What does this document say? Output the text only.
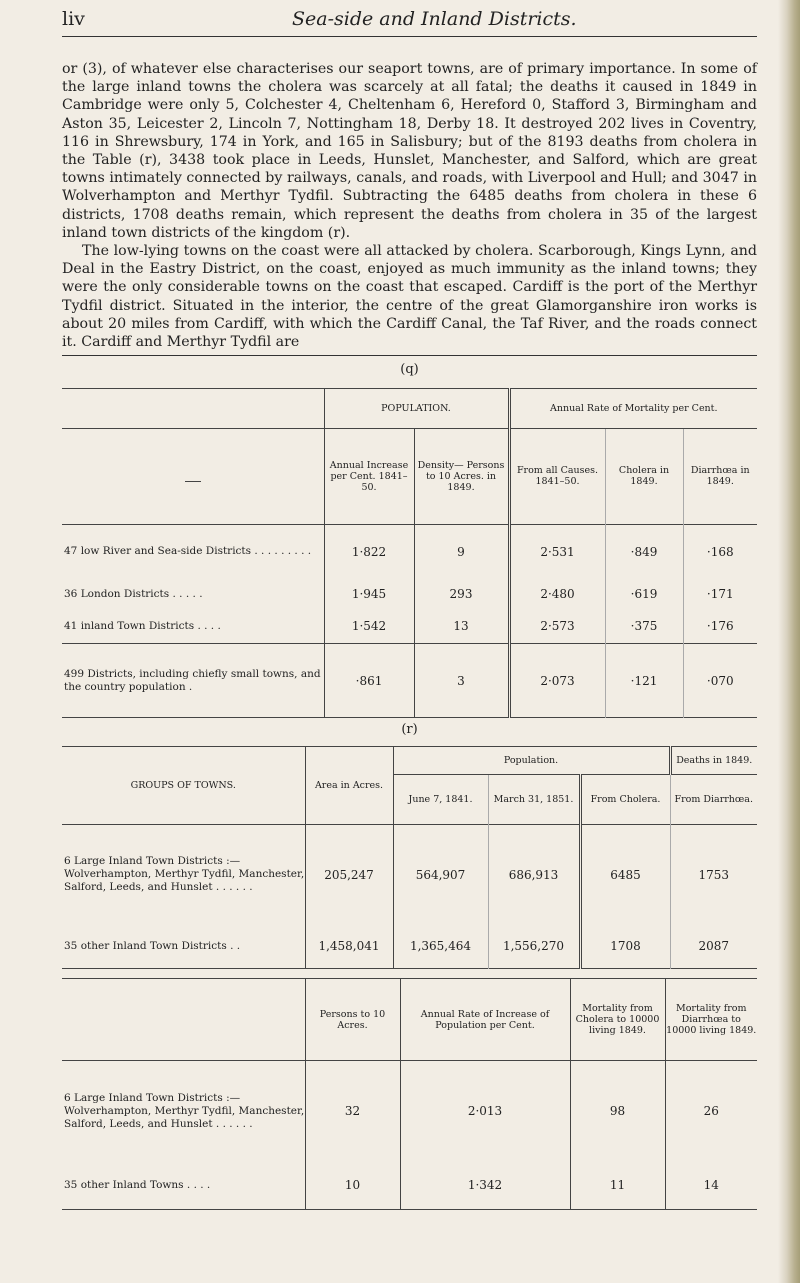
liv	Sea-side and Inland Districts.

or (3), of whatever else characterises our seaport towns, are of primary importance. In some of the large inland towns the cholera was scarcely at all fatal; the deaths it caused in 1849 in Cambridge were only 5, Colchester 4, Cheltenham 6, Hereford 0, Stafford 3, Birmingham and Aston 35, Leicester 2, Lincoln 7, Nottingham 18, Derby 18. It destroyed 202 lives in Coventry, 116 in Shrewsbury, 174 in York, and 165 in Salisbury; but of the 8193 deaths from cholera in the Table (r), 3438 took place in Leeds, Hunslet, Manchester, and Salford, which are great towns intimately connected by railways, canals, and roads, with Liverpool and Hull; and 3047 in Wolverhampton and Merthyr Tydfil. Subtracting the 6485 deaths from cholera in these 6 districts, 1708 deaths remain, which represent the deaths from cholera in 35 of the largest inland town districts of the kingdom (r).

The low-lying towns on the coast were all attacked by cholera. Scarborough, Kings Lynn, and Deal in the Eastry District, on the coast, enjoyed as much immunity as the inland towns; they were the only considerable towns on the coast that escaped. Cardiff is the port of the Merthyr Tydfil district. Situated in the interior, the centre of the great Glamorganshire iron works is about 20 miles from Cardiff, with which the Cardiff Canal, the Taf River, and the roads connect it. Cardiff and Merthyr Tydfil are

(q)
	POPULATION.		Annual Rate of Mortality per Cent.		
	Annual Increase per Cent. 1841–50.	Density— Persons to 10 Acres. in 1849.	From all Causes. 1841–50.	Cholera in 1849.	Diarrhœa in 1849.
47 low River and Sea-side Districts . . . . . . . . .	1·822	9	2·531	·849	·168
36 London Districts . . . . .	1·945	293	2·480	·619	·171
41 inland Town Districts . . . .	1·542	13	2·573	·375	·176
499 Districts, including chiefly small towns, and the country population .	·861	3	2·073	·121	·070
(r)
GROUPS OF TOWNS.	Area in Acres.	Population.			Deaths in 1849.
		June 7, 1841.	March 31, 1851.	From Cholera.	From Diarrhœa.
6 Large Inland Town Districts :— Wolverhampton, Merthyr Tydfil, Manchester, Salford, Leeds, and Hunslet . . . . . .	205,247	564,907	686,913	6485	1753
35 other Inland Town Districts . .	1,458,041	1,365,464	1,556,270	1708	2087
	Persons to 10 Acres.	Annual Rate of Increase of Population per Cent.	Mortality from Cholera to 10000 living 1849.	Mortality from Diarrhœa to 10000 living 1849.
6 Large Inland Town Districts :— Wolverhampton, Merthyr Tydfil, Manchester, Salford, Leeds, and Hunslet . . . . . .	32	2·013	98	26
35 other Inland Towns . . . .	10	1·342	11	14
